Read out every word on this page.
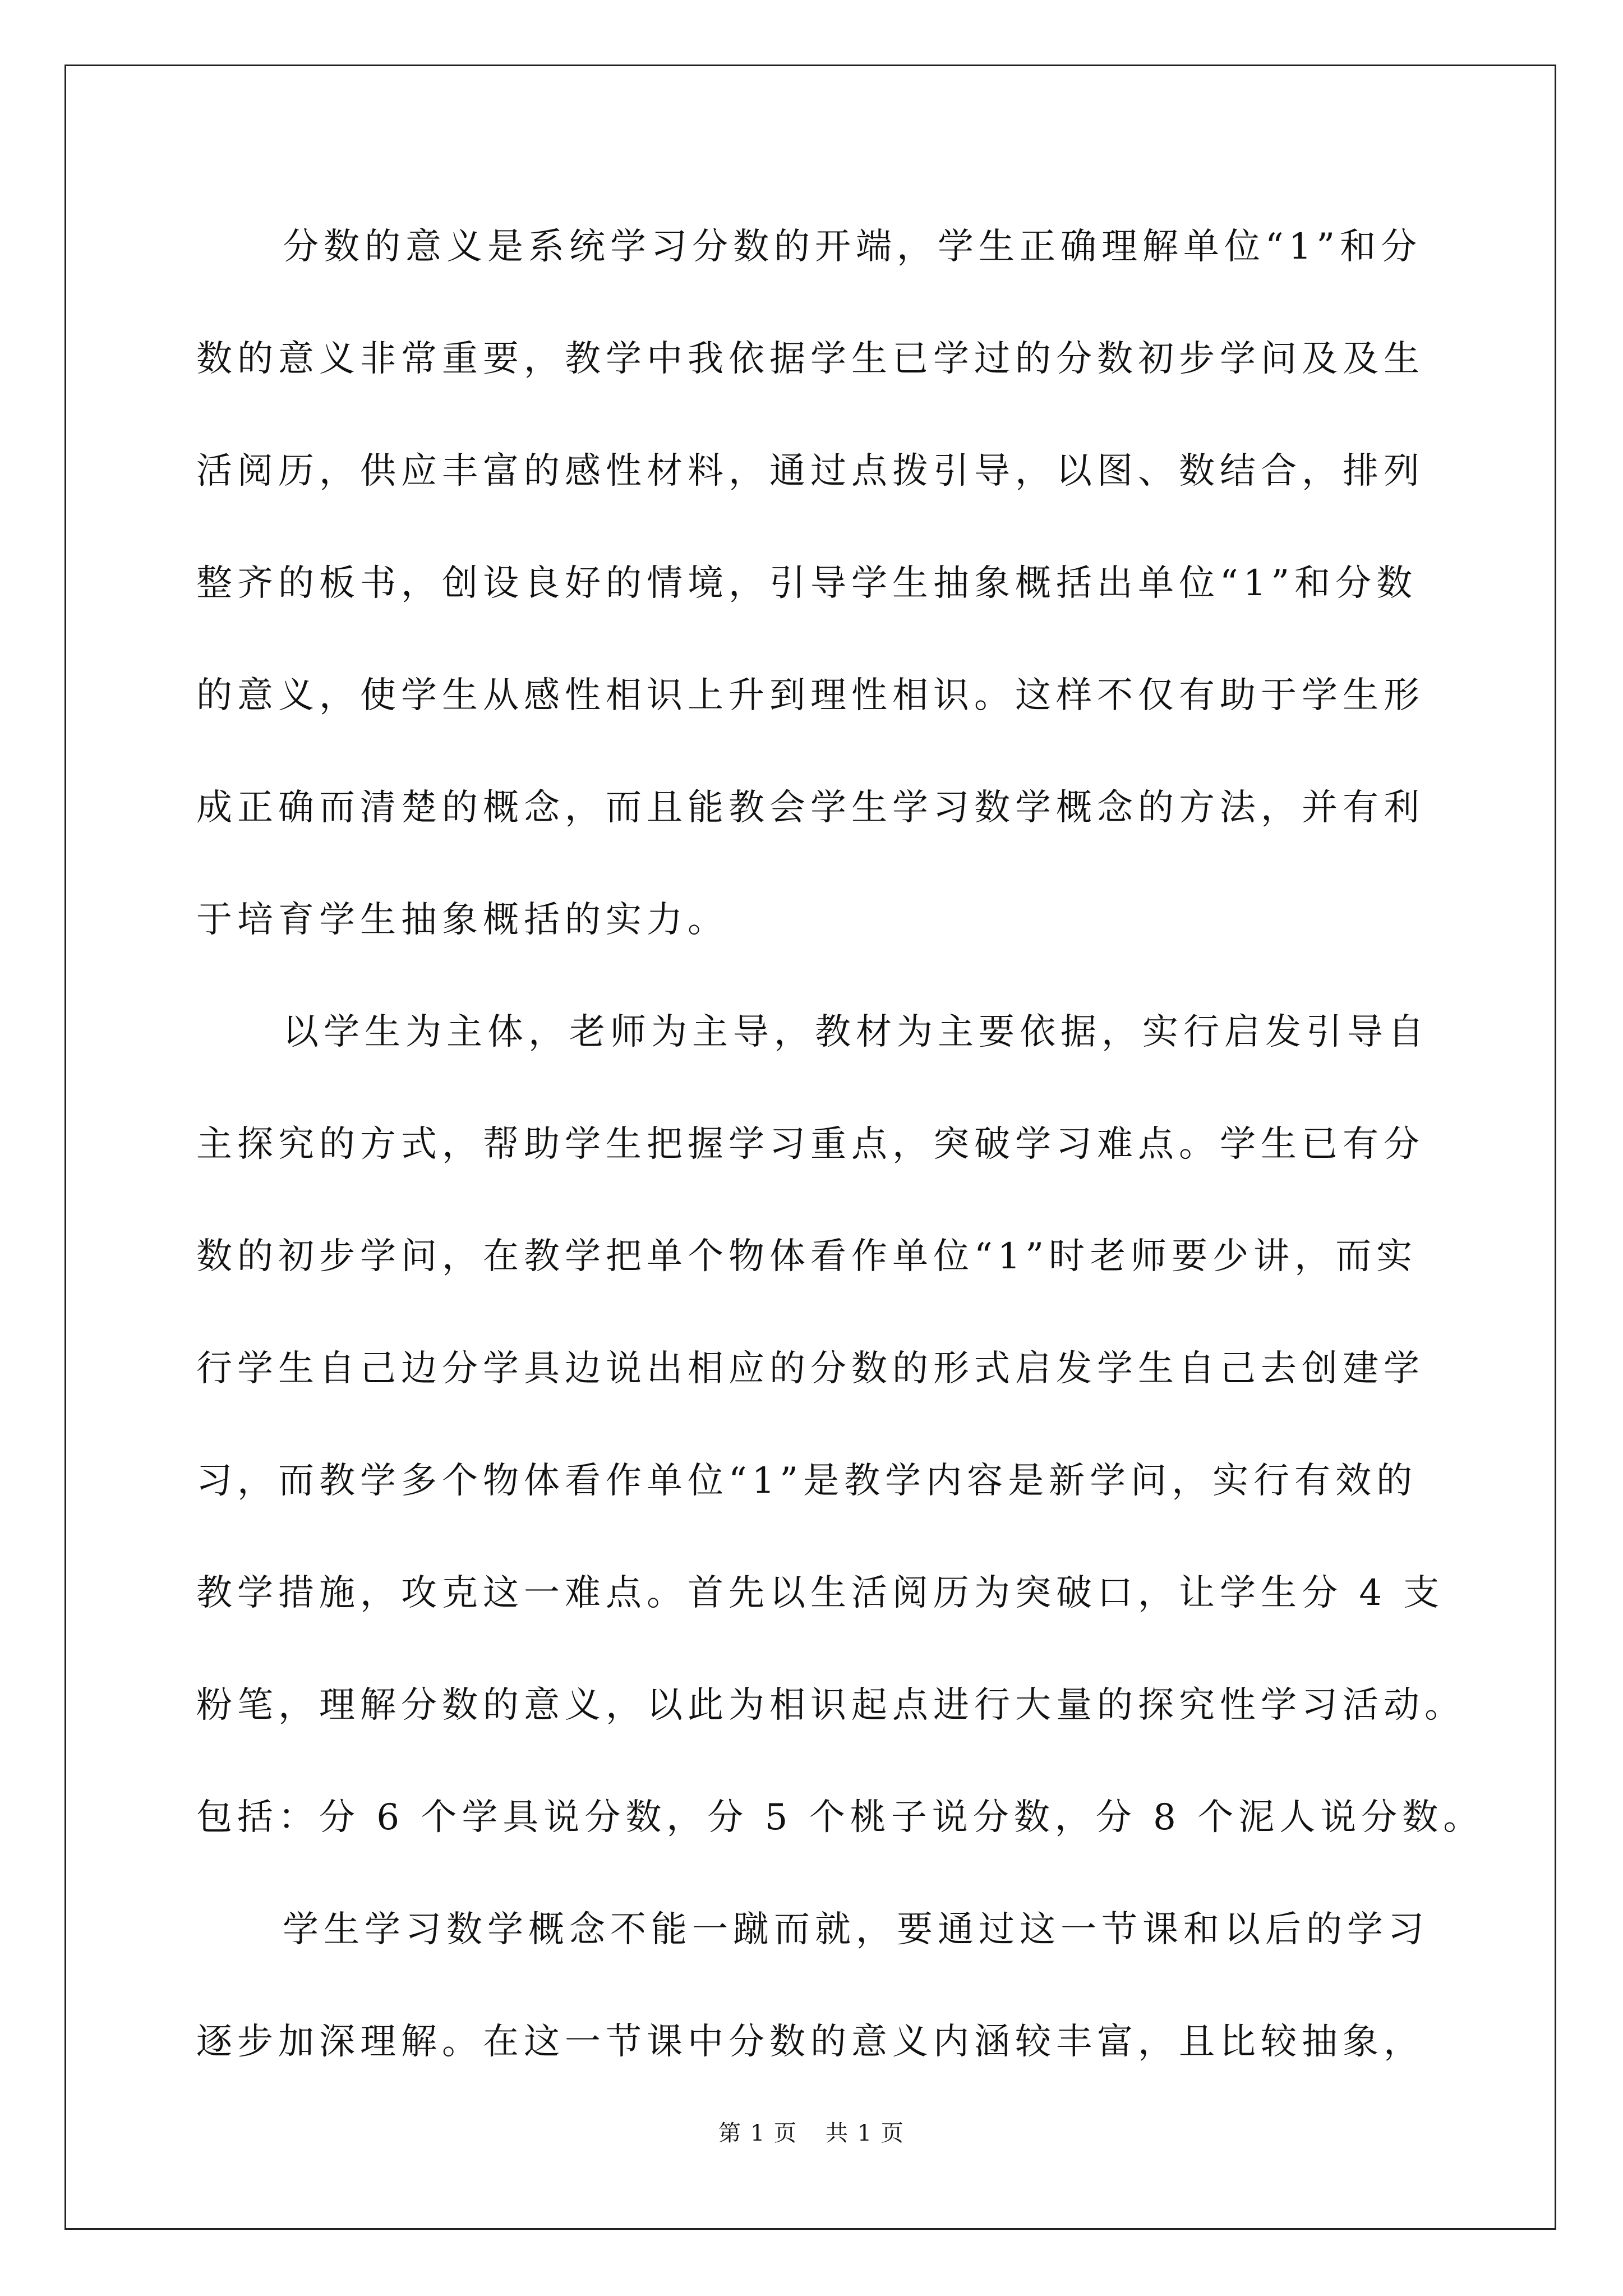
分数的意义是系统学习分数的开端，学生正确理解单位“1”和分
数的意义非常重要，教学中我依据学生已学过的分数初步学问及及生
活阅历，供应丰富的感性材料，通过点拨引导，以图、数结合，排列
整齐的板书，创设良好的情境，引导学生抽象概括出单位“1”和分数
的意义，使学生从感性相识上升到理性相识。这样不仅有助于学生形
成正确而清楚的概念，而且能教会学生学习数学概念的方法，并有利
于培育学生抽象概括的实力。
以学生为主体，老师为主导，教材为主要依据，实行启发引导自
主探究的方式，帮助学生把握学习重点，突破学习难点。学生已有分
数的初步学问，在教学把单个物体看作单位“1”时老师要少讲，而实
行学生自己边分学具边说出相应的分数的形式启发学生自己去创建学
习，而教学多个物体看作单位“1”是教学内容是新学问，实行有效的
教学措施，攻克这一难点。首先以生活阅历为突破口，让学生分 4 支
粉笔，理解分数的意义，以此为相识起点进行大量的探究性学习活动。
包括：分 6 个学具说分数，分 5 个桃子说分数，分 8 个泥人说分数。
学生学习数学概念不能一蹴而就，要通过这一节课和以后的学习
逐步加深理解。在这一节课中分数的意义内涵较丰富，且比较抽象，
第 1 页 共 1 页
